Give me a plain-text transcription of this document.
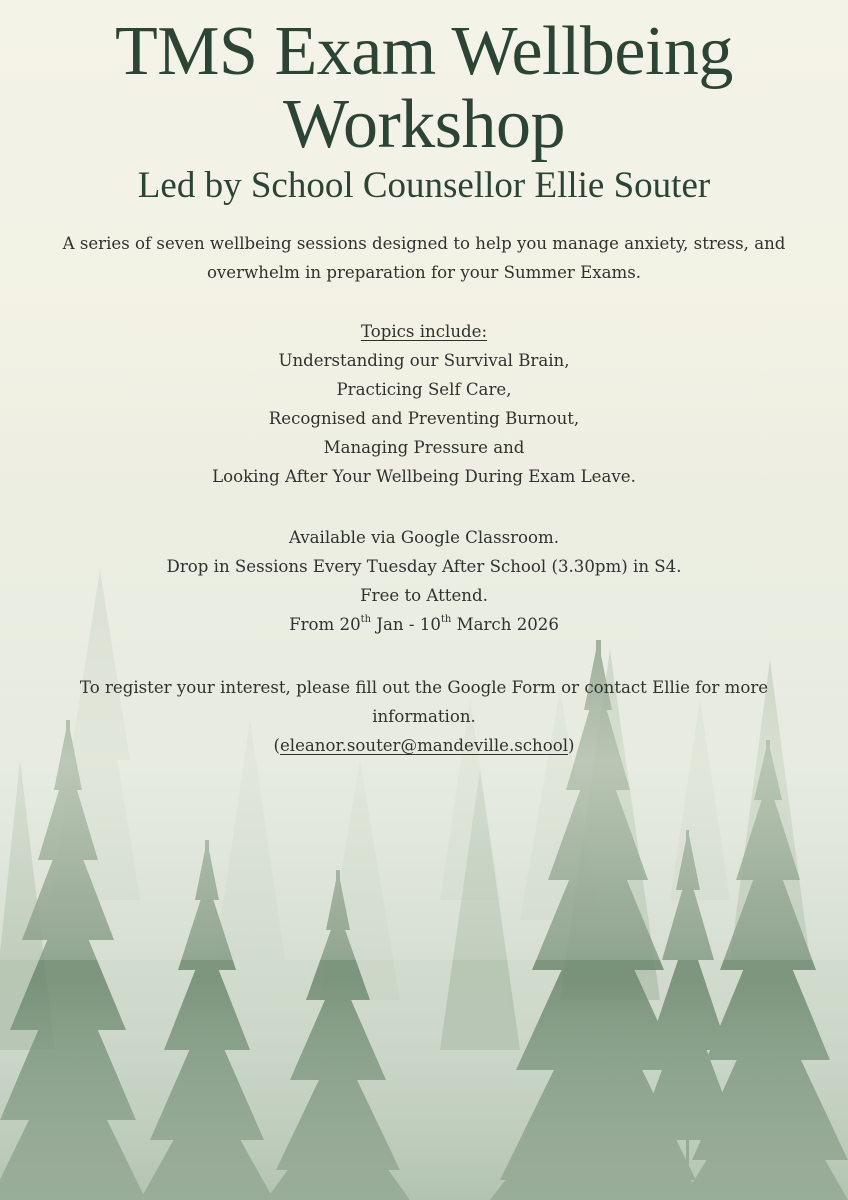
TMS Exam Wellbeing
Workshop
Led by School Counsellor Ellie Souter
A series of seven wellbeing sessions designed to help you manage anxiety, stress, and
overwhelm in preparation for your Summer Exams.
Topics include:
Understanding our Survival Brain,
Practicing Self Care,
Recognised and Preventing Burnout,
Managing Pressure and
Looking After Your Wellbeing During Exam Leave.
Available via Google Classroom.
Drop in Sessions Every Tuesday After School (3.30pm) in S4.
Free to Attend.
From 20th Jan - 10th March 2026
To register your interest, please fill out the Google Form or contact Ellie for more
information.
(eleanor.souter@mandeville.school)
